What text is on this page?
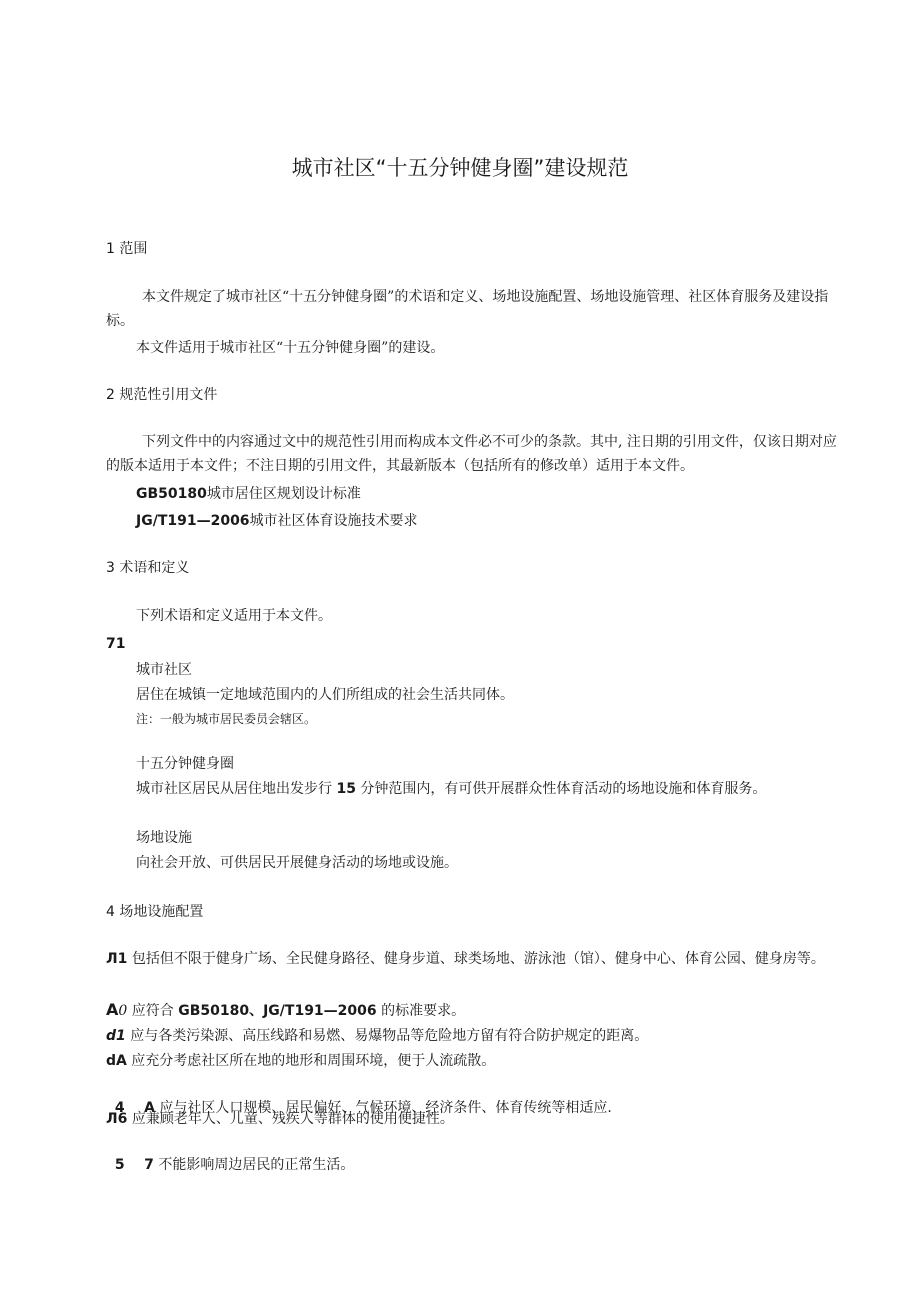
城市社区“十五分钟健身圈”建设规范
1 范围
本文件规定了城市社区“十五分钟健身圈”的术语和定义、场地设施配置、场地设施管理、社区体育服务及建设指标。
本文件适用于城市社区“十五分钟健身圈”的建设。
2 规范性引用文件
下列文件中的内容通过文中的规范性引用而构成本文件必不可少的条款。其中, 注日期的引用文件，仅该日期对应的版本适用于本文件；不注日期的引用文件，其最新版本（包括所有的修改单）适用于本文件。
GB50180城市居住区规划设计标准
JG/T191—2006城市社区体育设施技术要求
3 术语和定义
下列术语和定义适用于本文件。
71
城市社区
居住在城镇一定地域范围内的人们所组成的社会生活共同体。
注：一般为城市居民委员会辖区。
十五分钟健身圈
城市社区居民从居住地出发步行 15 分钟范围内，有可供开展群众性体育活动的场地设施和体育服务。
场地设施
向社会开放、可供居民开展健身活动的场地或设施。
4 场地设施配置
Л1 包括但不限于健身广场、全民健身路径、健身步道、球类场地、游泳池（馆）、健身中心、体育公园、健身房等。
A0 应符合 GB50180、JG/T191—2006 的标准要求。
d1 应与各类污染源、高压线路和易燃、易爆物品等危险地方留有符合防护规定的距离。
dA 应充分考虑社区所在地的地形和周围环境，便于人流疏散。

4    A 应与社区人口规模、居民偏好、气候环境、经济条件、体育传统等相适应.

Л6 应兼顾老年人、儿童、残疾人等群体的使用便捷性。

5    7 不能影响周边居民的正常生活。
